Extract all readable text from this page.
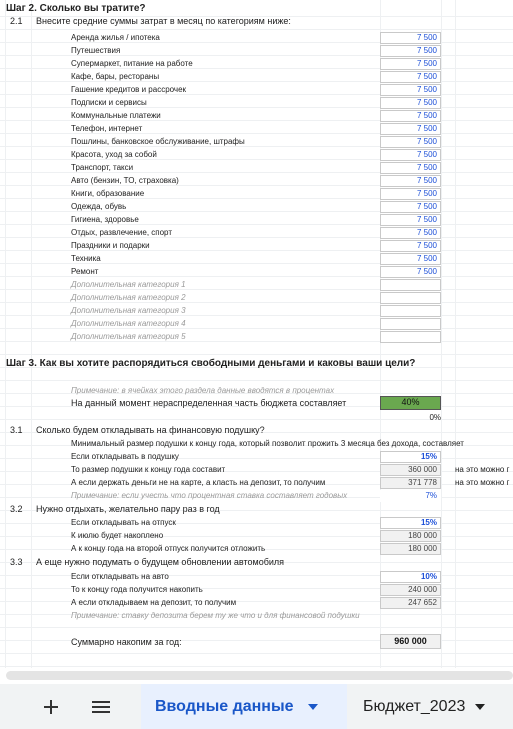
Шаг 2. Сколько вы тратите?
2.1 Внесите средние суммы затрат в месяц по категориям ниже:
Аренда жилья / ипотека	7 500
Путешествия	7 500
Супермаркет, питание на работе	7 500
Кафе, бары, рестораны	7 500
Гашение кредитов и рассрочек	7 500
Подписки и сервисы	7 500
Коммунальные платежи	7 500
Телефон, интернет	7 500
Пошлины, банковское обслуживание, штрафы	7 500
Красота, уход за собой	7 500
Транспорт, такси	7 500
Авто (бензин, ТО, страховка)	7 500
Книги, образование	7 500
Одежда, обувь	7 500
Гигиена, здоровье	7 500
Отдых, развлечение, спорт	7 500
Праздники и подарки	7 500
Техника	7 500
Ремонт	7 500
Дополнительная категория 1
Дополнительная категория 2
Дополнительная категория 3
Дополнительная категория 4
Дополнительная категория 5
Шаг 3. Как вы хотите распорядиться свободными деньгами и каковы ваши цели?
Примечание: в ячейках этого раздела данные вводятся в процентах
На данный момент нераспределенная часть бюджета составляет	40%
0%
3.1 Сколько будем откладывать на финансовую подушку?
Минимальный размер подушки к концу года, который позволит прожить 3 месяца без дохода, составляет
Если откладывать в подушку	15%
То размер подушки к концу года составит	360 000	на это можно г
А если держать деньги не на карте, а класть на депозит, то получим	371 778	на это можно г
Примечание: если учесть что процентная ставка составляет годовых	7%
3.2 Нужно отдыхать, желательно пару раз в год
Если откладывать на отпуск	15%
К июлю будет накоплено	180 000
А к концу года на второй отпуск получится отложить	180 000
3.3 А еще нужно подумать о будущем обновлении автомобиля
Если откладывать на авто	10%
То к концу года получится накопить	240 000
А если откладываем на депозит, то получим	247 652
Примечание: ставку депозита берем ту же что и для финансовой подушки
Суммарно накопим за год:	960 000
Вводные данные	Бюджет_2023
